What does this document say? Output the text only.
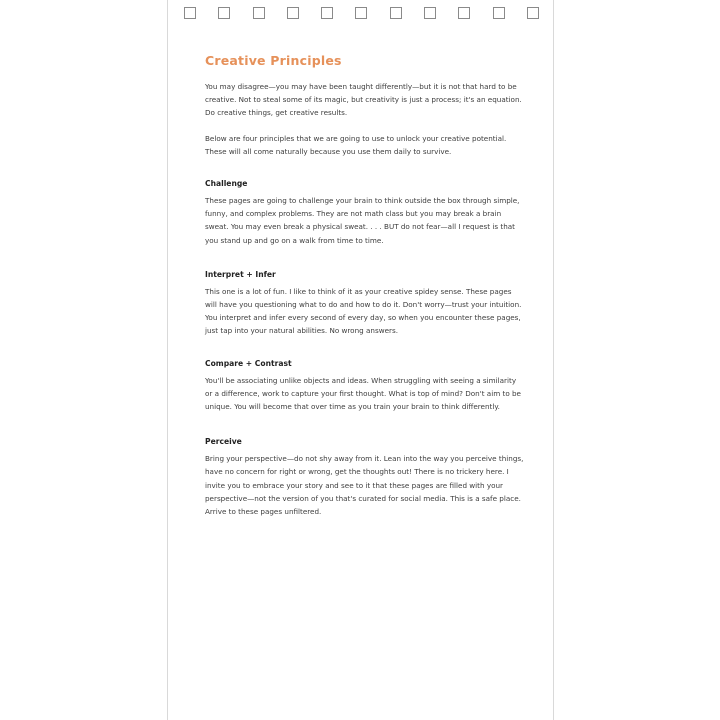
Creative Principles

You may disagree—you may have been taught differently—but it is not that hard to be creative. Not to steal some of its magic, but creativity is just a process; it's an equation. Do creative things, get creative results.

Below are four principles that we are going to use to unlock your creative potential. These will all come naturally because you use them daily to survive.

Challenge

These pages are going to challenge your brain to think outside the box through simple, funny, and complex problems. They are not math class but you may break a brain sweat. You may even break a physical sweat. . . . BUT do not fear—all I request is that you stand up and go on a walk from time to time.

Interpret + Infer

This one is a lot of fun. I like to think of it as your creative spidey sense. These pages will have you questioning what to do and how to do it. Don't worry—trust your intuition. You interpret and infer every second of every day, so when you encounter these pages, just tap into your natural abilities. No wrong answers.

Compare + Contrast

You'll be associating unlike objects and ideas. When struggling with seeing a similarity or a difference, work to capture your first thought. What is top of mind? Don't aim to be unique. You will become that over time as you train your brain to think differently.

Perceive

Bring your perspective—do not shy away from it. Lean into the way you perceive things, have no concern for right or wrong, get the thoughts out! There is no trickery here. I invite you to embrace your story and see to it that these pages are filled with your perspective—not the version of you that's curated for social media. This is a safe place. Arrive to these pages unfiltered.
